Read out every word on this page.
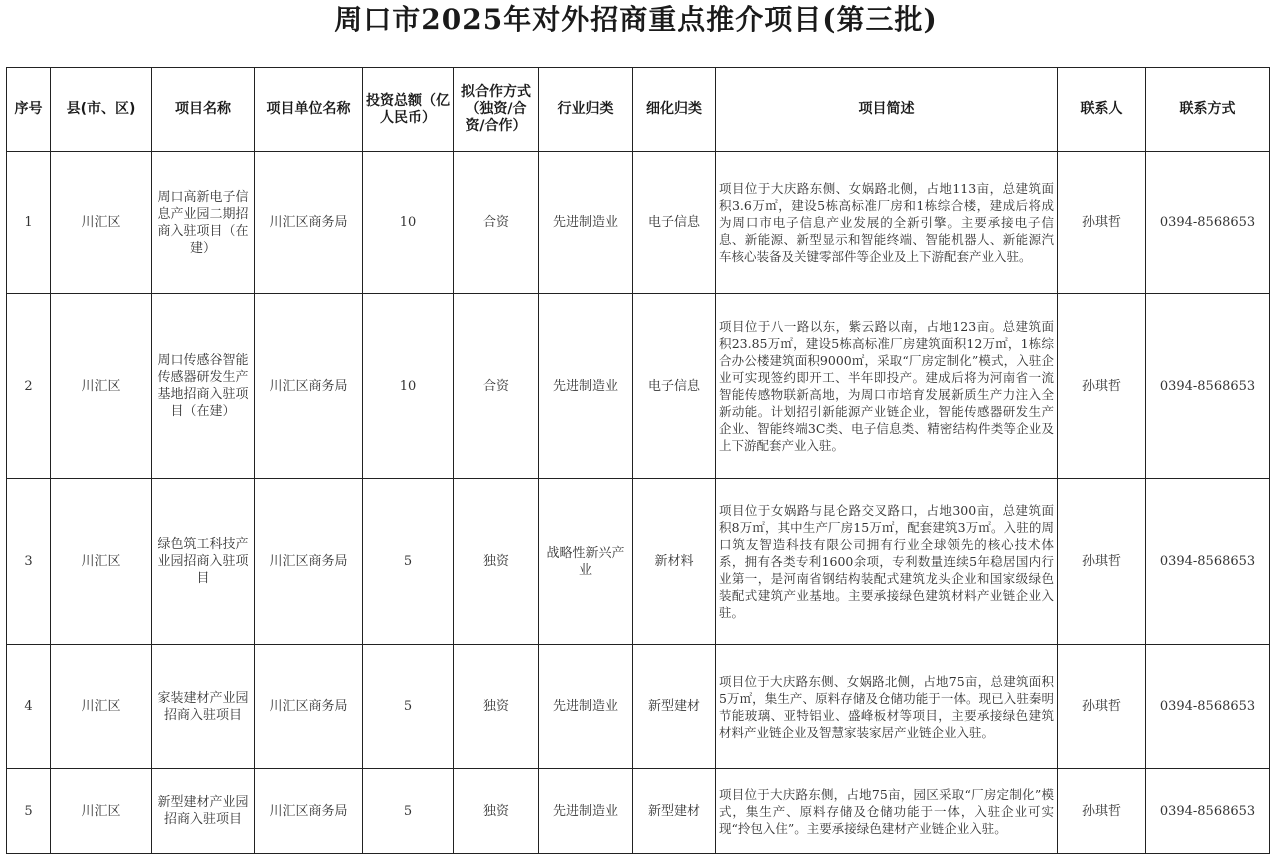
周口市2025年对外招商重点推介项目(第三批)
序号	县(市、区)	项目名称	项目单位名称	投资总额（亿人民币）	拟合作方式（独资/合资/合作）	行业归类	细化归类	项目简述	联系人	联系方式
1	川汇区	周口高新电子信息产业园二期招商入驻项目（在建）	川汇区商务局	10	合资	先进制造业	电子信息	项目位于大庆路东侧、女娲路北侧，占地113亩，总建筑面积3.6万㎡，建设5栋高标准厂房和1栋综合楼，建成后将成为周口市电子信息产业发展的全新引擎。主要承接电子信息、新能源、新型显示和智能终端、智能机器人、新能源汽车核心装备及关键零部件等企业及上下游配套产业入驻。	孙琪哲	0394-8568653
2	川汇区	周口传感谷智能传感器研发生产基地招商入驻项目（在建）	川汇区商务局	10	合资	先进制造业	电子信息	项目位于八一路以东，紫云路以南，占地123亩。总建筑面积23.85万㎡，建设5栋高标准厂房建筑面积12万㎡，1栋综合办公楼建筑面积9000㎡，采取“厂房定制化”模式，入驻企业可实现签约即开工、半年即投产。建成后将为河南省一流智能传感物联新高地，为周口市培育发展新质生产力注入全新动能。计划招引新能源产业链企业，智能传感器研发生产企业、智能终端3C类、电子信息类、精密结构件类等企业及上下游配套产业入驻。	孙琪哲	0394-8568653
3	川汇区	绿色筑工科技产业园招商入驻项目	川汇区商务局	5	独资	战略性新兴产业	新材料	项目位于女娲路与昆仑路交叉路口，占地300亩，总建筑面积8万㎡，其中生产厂房15万㎡，配套建筑3万㎡。入驻的周口筑友智造科技有限公司拥有行业全球领先的核心技术体系，拥有各类专利1600余项，专利数量连续5年稳居国内行业第一，是河南省钢结构装配式建筑龙头企业和国家级绿色装配式建筑产业基地。主要承接绿色建筑材料产业链企业入驻。	孙琪哲	0394-8568653
4	川汇区	家装建材产业园招商入驻项目	川汇区商务局	5	独资	先进制造业	新型建材	项目位于大庆路东侧、女娲路北侧，占地75亩，总建筑面积5万㎡，集生产、原料存储及仓储功能于一体。现已入驻秦明节能玻璃、亚特铝业、盛峰板材等项目，主要承接绿色建筑材料产业链企业及智慧家装家居产业链企业入驻。	孙琪哲	0394-8568653
5	川汇区	新型建材产业园招商入驻项目	川汇区商务局	5	独资	先进制造业	新型建材	项目位于大庆路东侧，占地75亩，园区采取“厂房定制化”模式，集生产、原料存储及仓储功能于一体，入驻企业可实现“拎包入住”。主要承接绿色建材产业链企业入驻。	孙琪哲	0394-8568653
